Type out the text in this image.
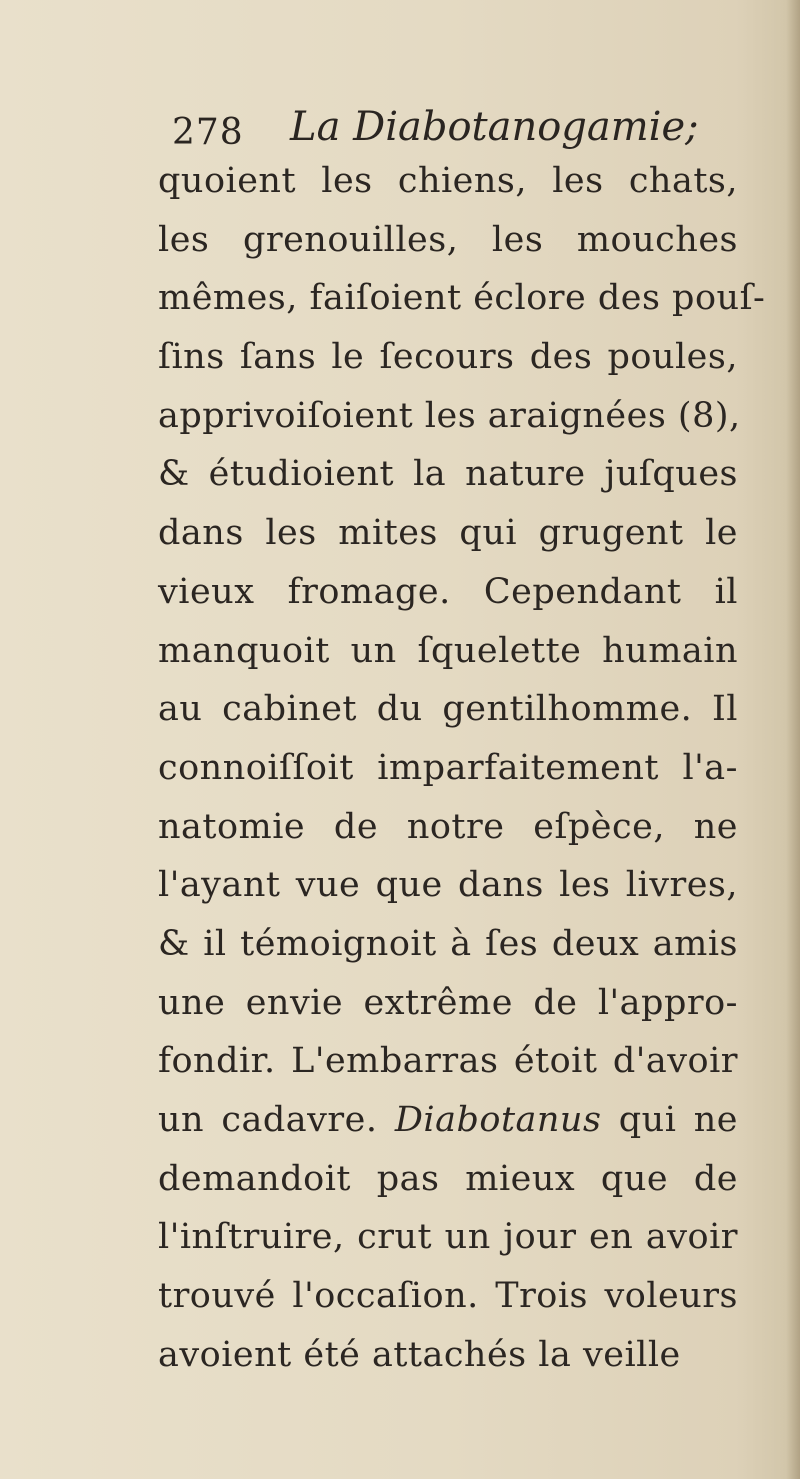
278 La Diabotanogamie;
quoient les chiens, les chats,
les grenouilles, les mouches
mêmes, faiſoient éclore des pouſ-
ſins ſans le ſecours des poules,
apprivoiſoient les araignées (8),
& étudioient la nature juſques
dans les mites qui grugent le
vieux fromage. Cependant il
manquoit un ſquelette humain
au cabinet du gentilhomme. Il
connoiſſoit imparfaitement l'a-
natomie de notre eſpèce, ne
l'ayant vue que dans les livres,
& il témoignoit à ſes deux amis
une envie extrême de l'appro-
fondir. L'embarras étoit d'avoir
un cadavre. Diabotanus qui ne
demandoit pas mieux que de
l'inſtruire, crut un jour en avoir
trouvé l'occaſion. Trois voleurs
avoient été attachés la veille
